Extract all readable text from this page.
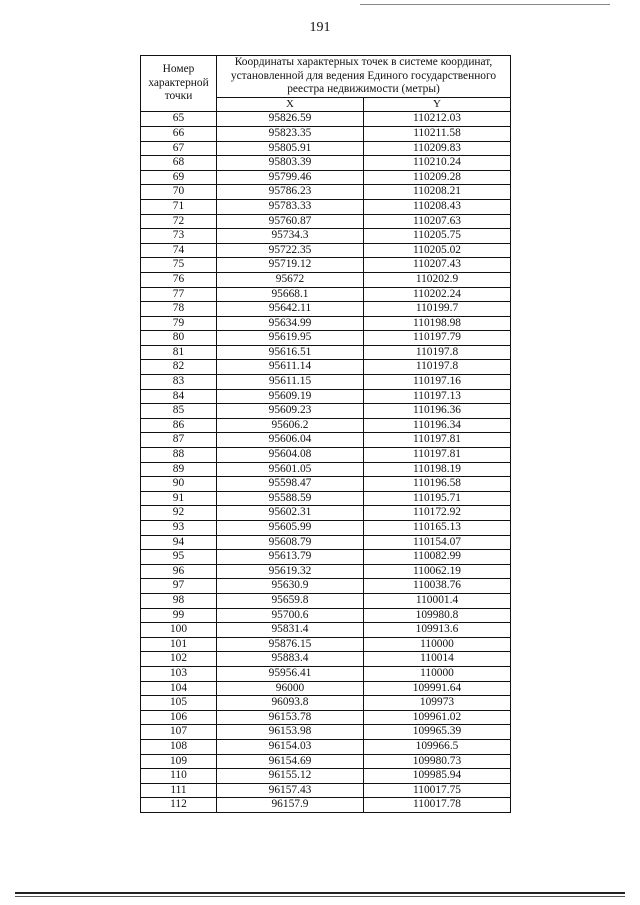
191
Номер характерной точки	Координаты характерных точек в системе координат, установленной для ведения Единого государственного реестра недвижимости (метры)	
	X	Y
65	95826.59	110212.03
66	95823.35	110211.58
67	95805.91	110209.83
68	95803.39	110210.24
69	95799.46	110209.28
70	95786.23	110208.21
71	95783.33	110208.43
72	95760.87	110207.63
73	95734.3	110205.75
74	95722.35	110205.02
75	95719.12	110207.43
76	95672	110202.9
77	95668.1	110202.24
78	95642.11	110199.7
79	95634.99	110198.98
80	95619.95	110197.79
81	95616.51	110197.8
82	95611.14	110197.8
83	95611.15	110197.16
84	95609.19	110197.13
85	95609.23	110196.36
86	95606.2	110196.34
87	95606.04	110197.81
88	95604.08	110197.81
89	95601.05	110198.19
90	95598.47	110196.58
91	95588.59	110195.71
92	95602.31	110172.92
93	95605.99	110165.13
94	95608.79	110154.07
95	95613.79	110082.99
96	95619.32	110062.19
97	95630.9	110038.76
98	95659.8	110001.4
99	95700.6	109980.8
100	95831.4	109913.6
101	95876.15	110000
102	95883.4	110014
103	95956.41	110000
104	96000	109991.64
105	96093.8	109973
106	96153.78	109961.02
107	96153.98	109965.39
108	96154.03	109966.5
109	96154.69	109980.73
110	96155.12	109985.94
111	96157.43	110017.75
112	96157.9	110017.78
